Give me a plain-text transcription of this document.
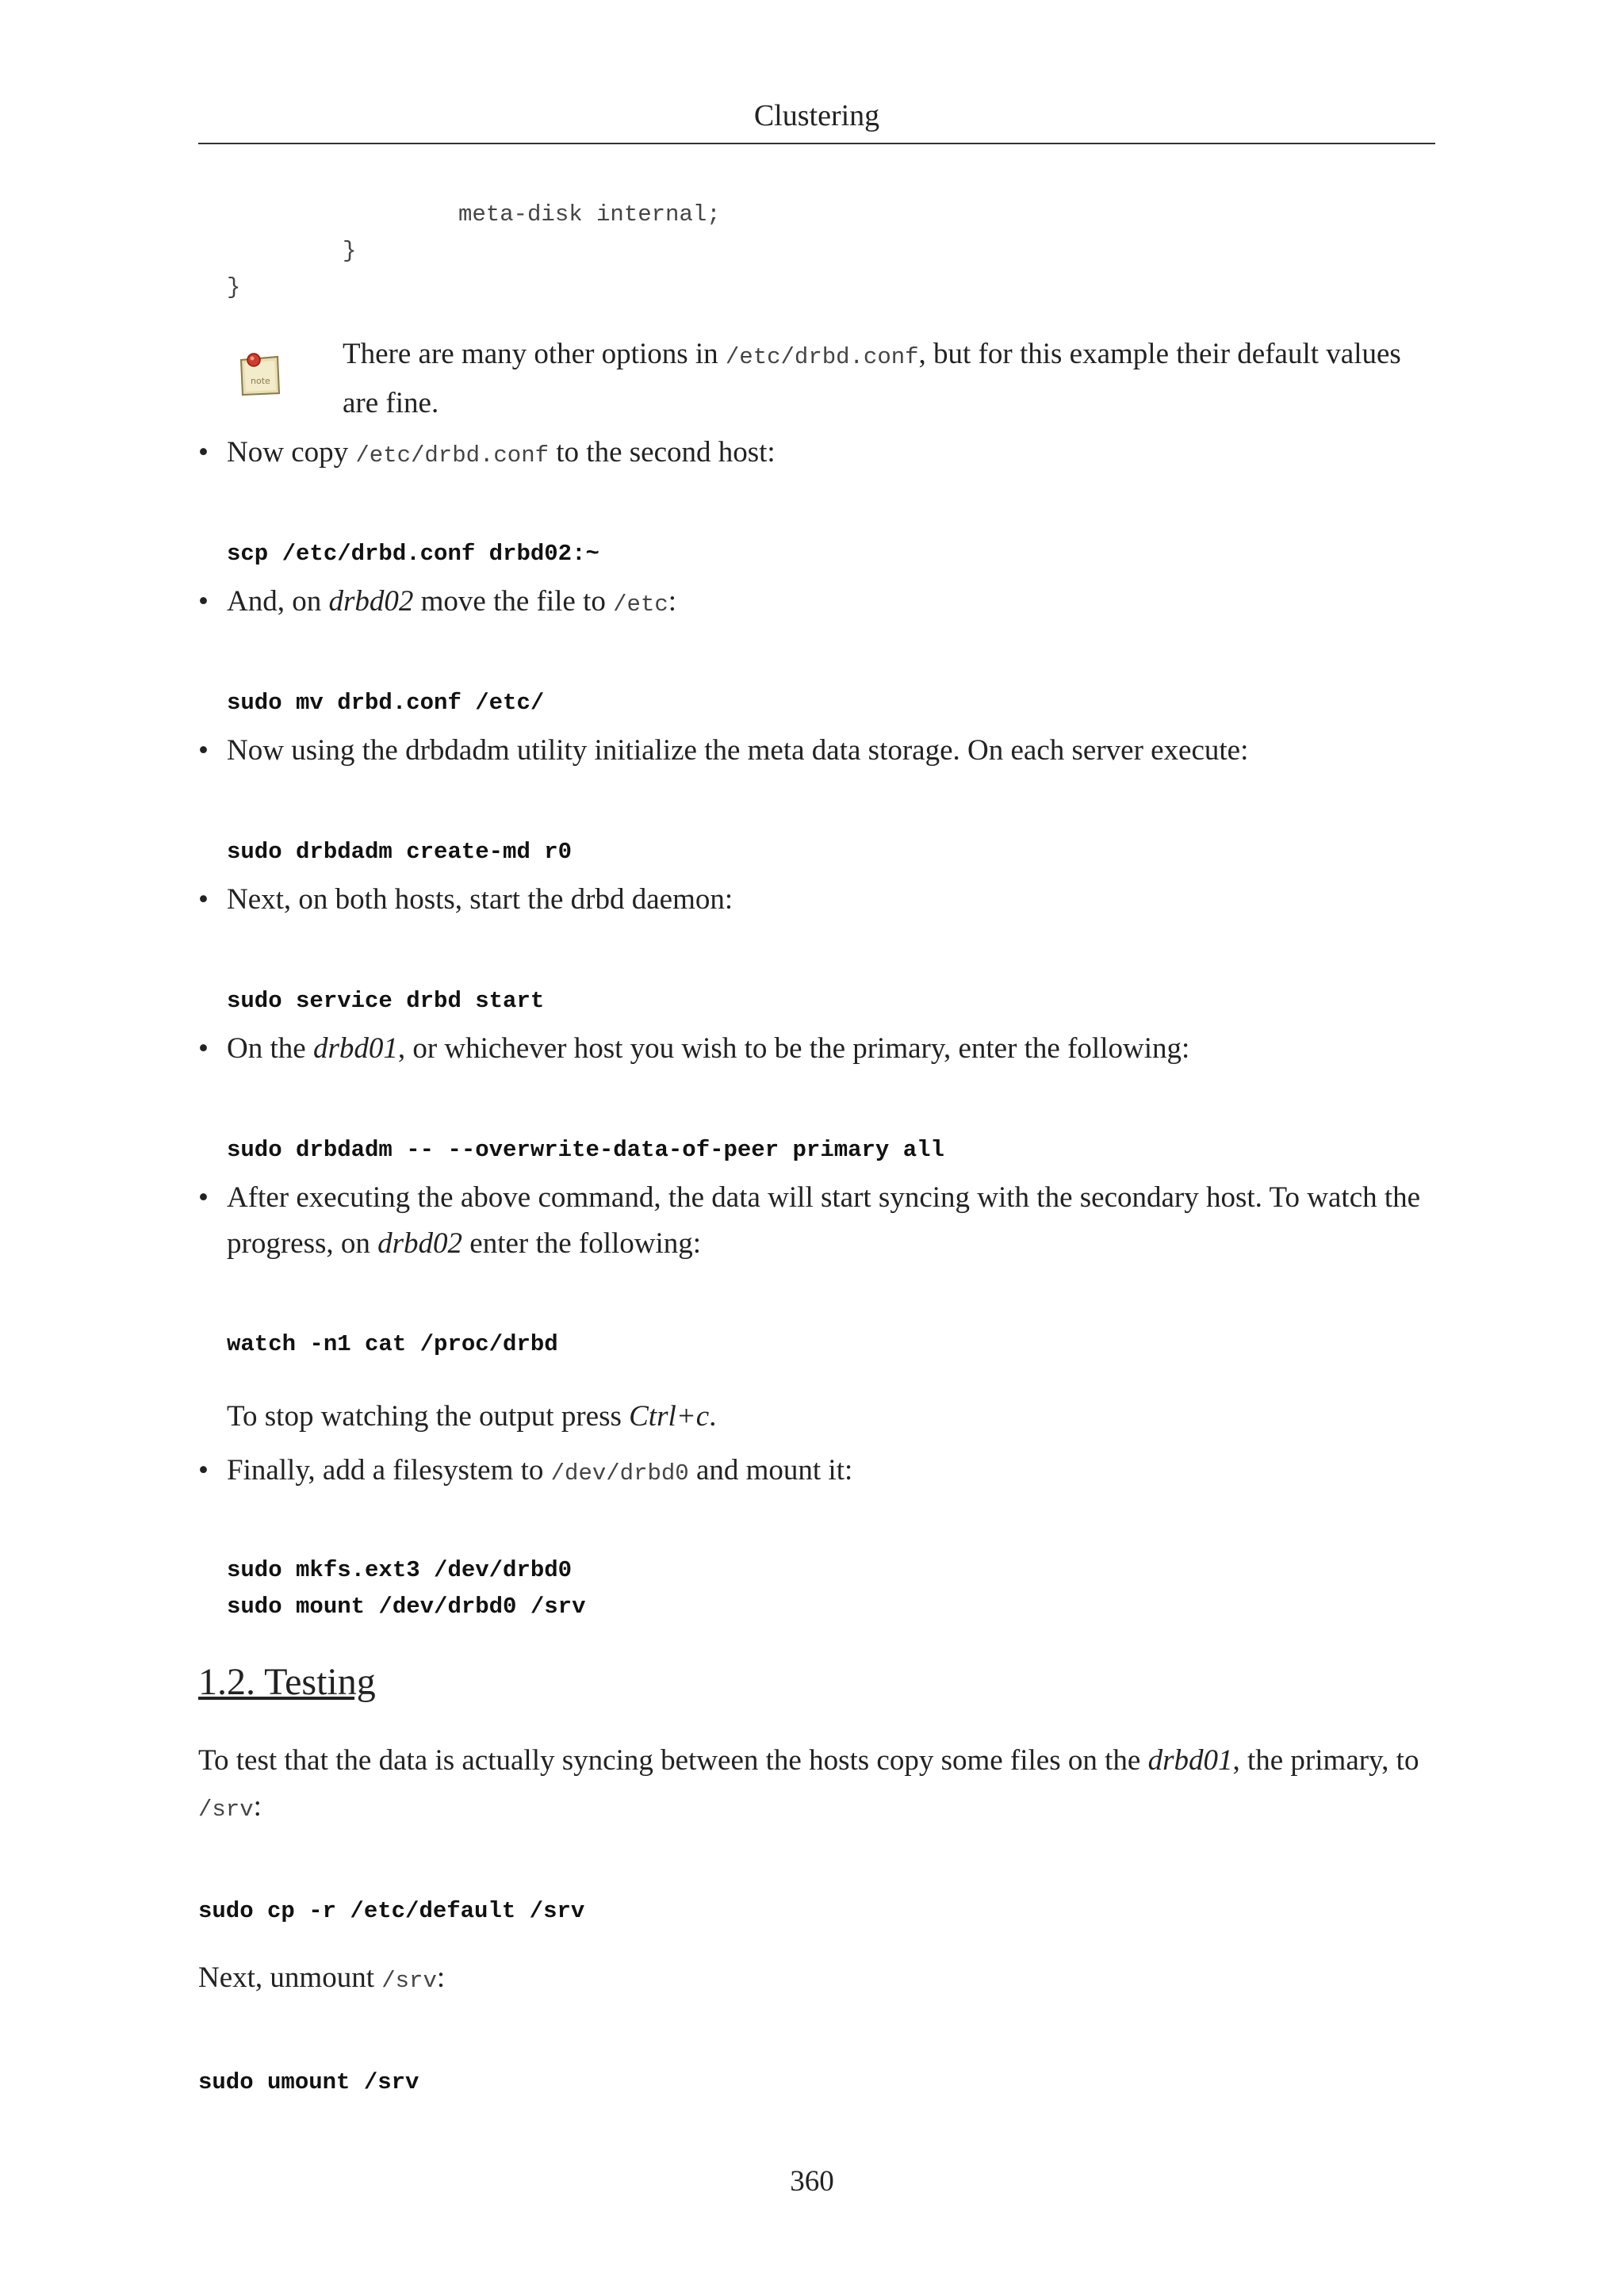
Clustering
meta-disk internal;
}
}
note
There are many other options in /etc/drbd.conf, but for this example their default values are fine.
• Now copy /etc/drbd.conf to the second host:
scp /etc/drbd.conf drbd02:~
• And, on drbd02 move the file to /etc:
sudo mv drbd.conf /etc/
• Now using the drbdadm utility initialize the meta data storage. On each server execute:
sudo drbdadm create-md r0
• Next, on both hosts, start the drbd daemon:
sudo service drbd start
• On the drbd01, or whichever host you wish to be the primary, enter the following:
sudo drbdadm -- --overwrite-data-of-peer primary all
• After executing the above command, the data will start syncing with the secondary host. To watch the progress, on drbd02 enter the following:
watch -n1 cat /proc/drbd
To stop watching the output press Ctrl+c.
• Finally, add a filesystem to /dev/drbd0 and mount it:
sudo mkfs.ext3 /dev/drbd0
sudo mount /dev/drbd0 /srv
1.2. Testing
To test that the data is actually syncing between the hosts copy some files on the drbd01, the primary, to /srv:
sudo cp -r /etc/default /srv
Next, unmount /srv:
sudo umount /srv
360
